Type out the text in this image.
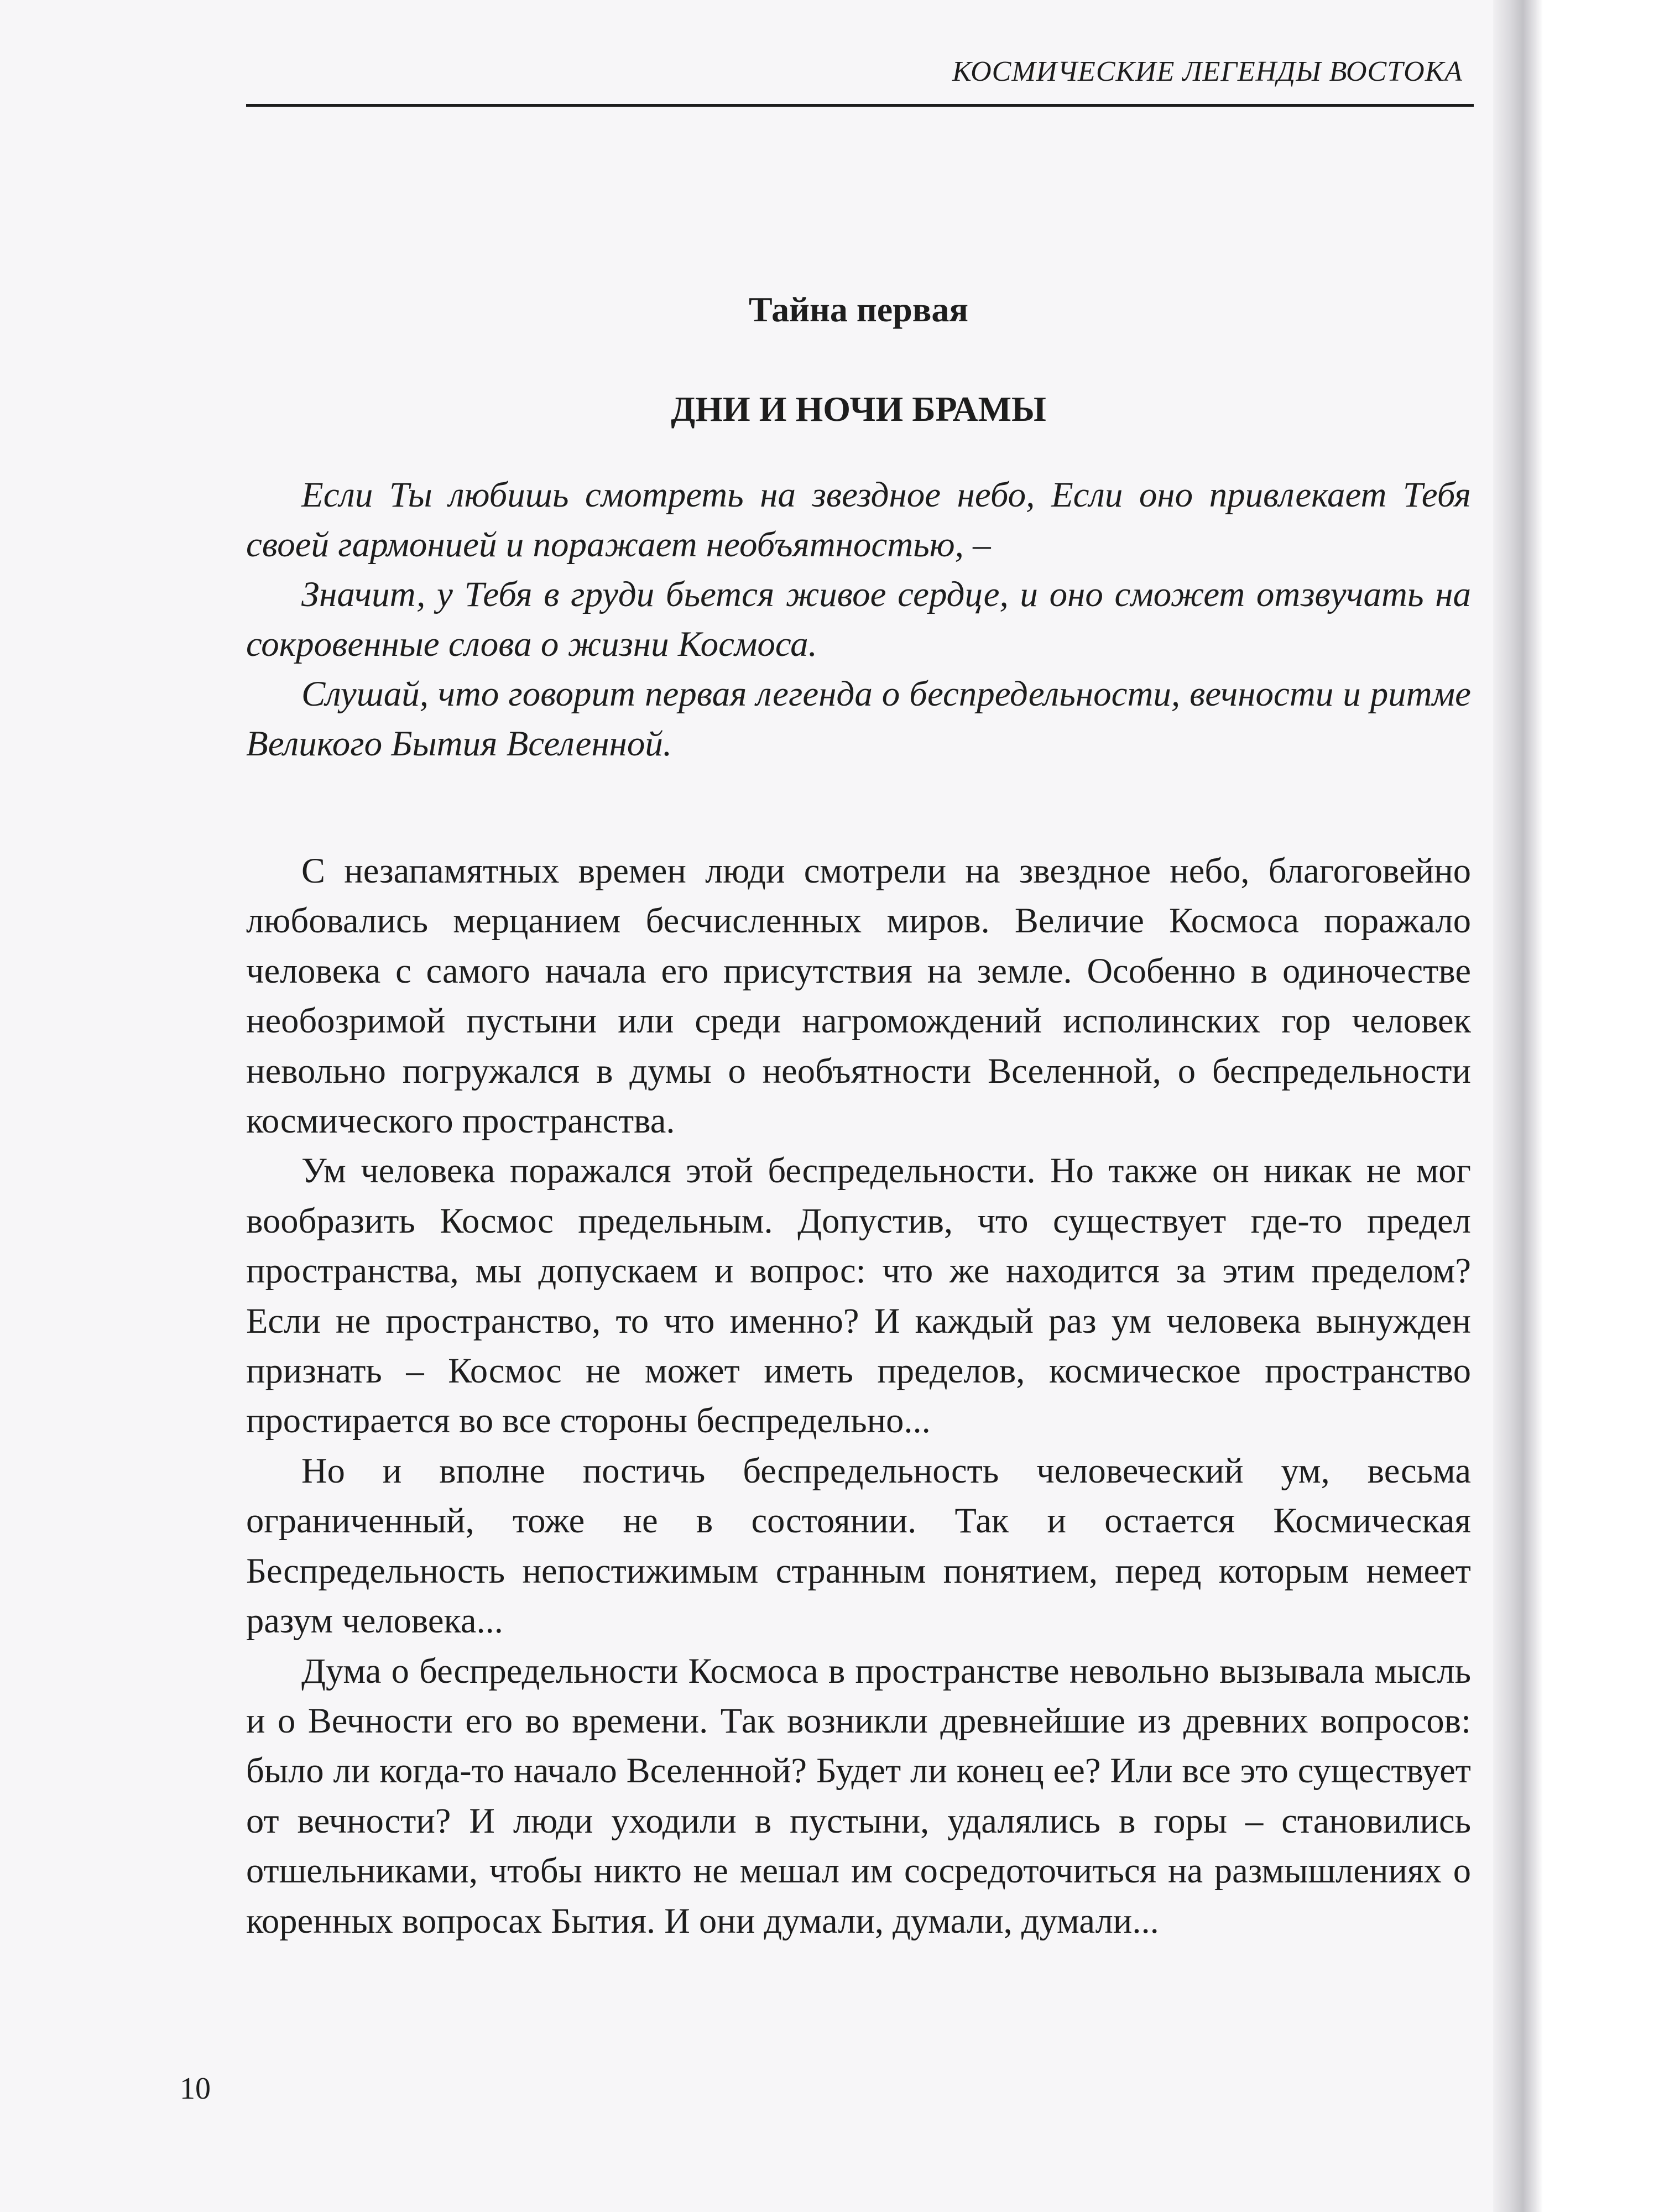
КОСМИЧЕСКИЕ ЛЕГЕНДЫ ВОСТОКА
Тайна первая
ДНИ И НОЧИ БРАМЫ

Если Ты любишь смотреть на звездное небо, Если оно привлекает Тебя своей гармонией и поражает необъятностью, –

Значит, у Тебя в груди бьется живое сердце, и оно сможет отзвучать на сокровенные слова о жизни Космоса.

Слушай, что говорит первая легенда о беспредельности, вечности и ритме Великого Бытия Вселенной.

С незапамятных времен люди смотрели на звездное небо, благоговейно любовались мерцанием бесчисленных миров. Величие Космоса поражало человека с самого начала его присутствия на земле. Особенно в одиночестве необозримой пустыни или среди нагромождений исполинских гор человек невольно погружался в думы о необъятности Вселенной, о беспредельности космического пространства.

Ум человека поражался этой беспредельности. Но также он никак не мог вообразить Космос предельным. Допустив, что существует где-то предел пространства, мы допускаем и вопрос: что же находится за этим пределом? Если не пространство, то что именно? И каждый раз ум человека вынужден признать – Космос не может иметь пределов, космическое пространство простирается во все стороны беспредельно...

Но и вполне постичь беспредельность человеческий ум, весьма ограниченный, тоже не в состоянии. Так и остается Космическая Беспредельность непостижимым странным понятием, перед которым немеет разум человека...

Дума о беспредельности Космоса в пространстве невольно вызывала мысль и о Вечности его во времени. Так возникли древнейшие из древних вопросов: было ли когда-то начало Вселенной? Будет ли конец ее? Или все это существует от вечности? И люди уходили в пустыни, удалялись в горы – становились отшельниками, чтобы никто не мешал им сосредоточиться на размышлениях о коренных вопросах Бытия. И они думали, думали, думали...

10
